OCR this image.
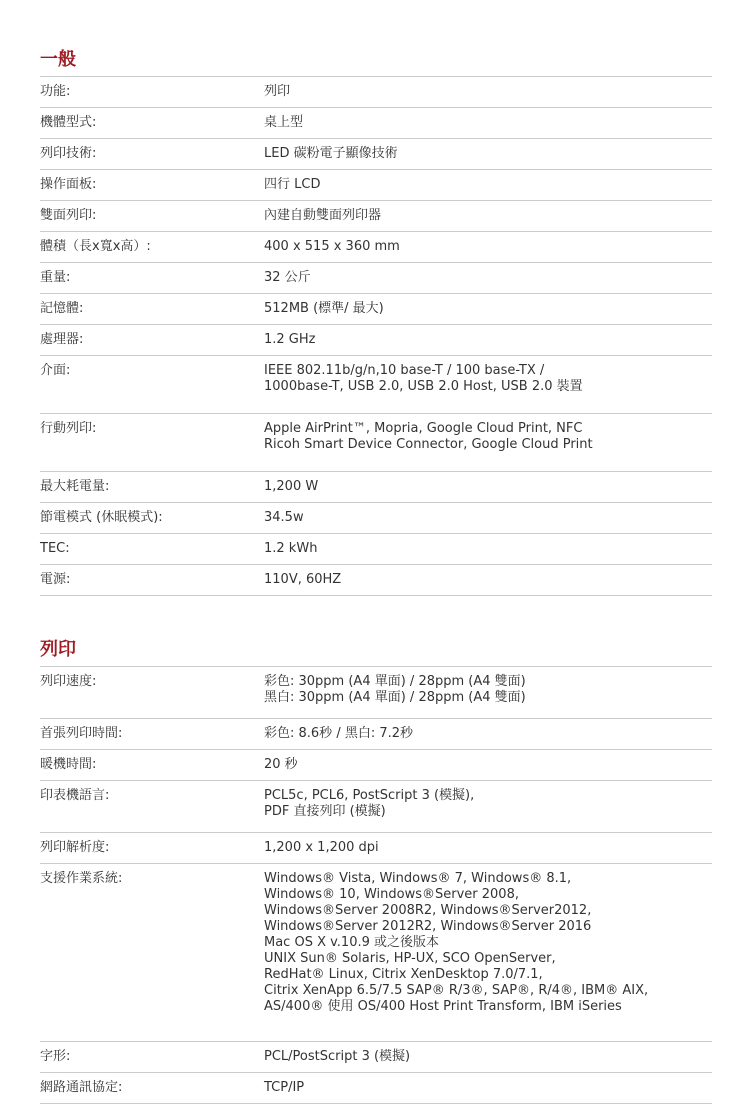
一般
功能:	列印
機體型式:	桌上型
列印技術:	LED 碳粉電子顯像技術
操作面板:	四行 LCD
雙面列印:	內建自動雙面列印器
體積（長x寬x高）:	400 x 515 x 360 mm
重量:	32 公斤
記憶體:	512MB (標準/ 最大)
處理器:	1.2 GHz
介面:	IEEE 802.11b/g/n,10 base-T / 100 base-TX /
1000base-T, USB 2.0, USB 2.0 Host, USB 2.0 裝置
行動列印:	Apple AirPrint™, Mopria, Google Cloud Print, NFC
Ricoh Smart Device Connector, Google Cloud Print
最大耗電量:	1,200 W
節電模式 (休眠模式):	34.5w
TEC:	1.2 kWh
電源:	110V, 60HZ
列印
列印速度:	彩色: 30ppm (A4 單面) / 28ppm (A4 雙面)
黑白: 30ppm (A4 單面) / 28ppm (A4 雙面)
首張列印時間:	彩色: 8.6秒 / 黑白: 7.2秒
暖機時間:	20 秒
印表機語言:	PCL5c, PCL6, PostScript 3 (模擬),
PDF 直接列印 (模擬)
列印解析度:	1,200 x 1,200 dpi
支援作業系統:	Windows® Vista, Windows® 7, Windows® 8.1,
Windows® 10, Windows®Server 2008,
Windows®Server 2008R2, Windows®Server2012,
Windows®Server 2012R2, Windows®Server 2016
Mac OS X v.10.9 或之後版本
UNIX Sun® Solaris, HP-UX, SCO OpenServer,
RedHat® Linux, Citrix XenDesktop 7.0/7.1,
Citrix XenApp 6.5/7.5 SAP® R/3®, SAP®, R/4®, IBM® AIX,
AS/400® 使用 OS/400 Host Print Transform, IBM iSeries
字形:	PCL/PostScript 3 (模擬)
網路通訊協定:	TCP/IP
